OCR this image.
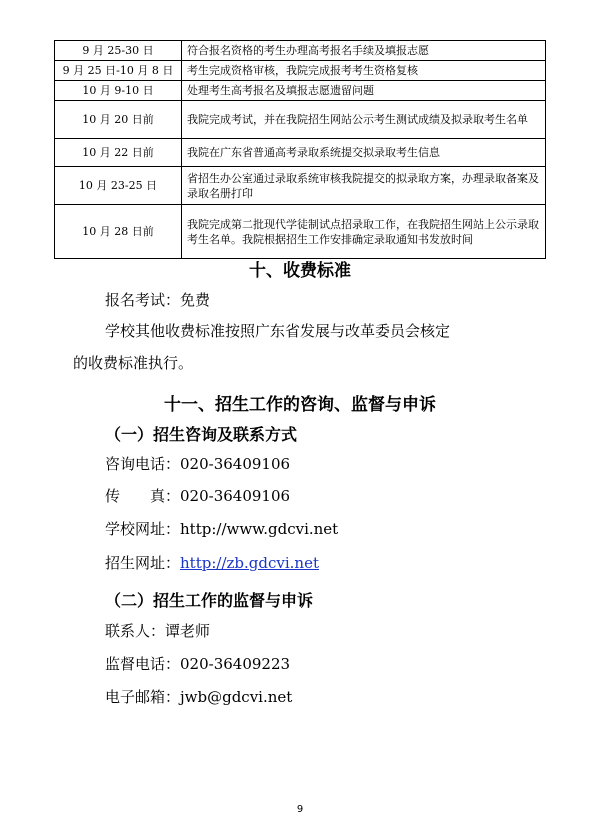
9 月 25-30 日	符合报名资格的考生办理高考报名手续及填报志愿
9 月 25 日-10 月 8 日	考生完成资格审核，我院完成报考考生资格复核
10 月 9-10 日	处理考生高考报名及填报志愿遗留问题
10 月 20 日前	我院完成考试，并在我院招生网站公示考生测试成绩及拟录取考生名单
10 月 22 日前	我院在广东省普通高考录取系统提交拟录取考生信息
10 月 23-25 日	省招生办公室通过录取系统审核我院提交的拟录取方案，办理录取备案及录取名册打印
10 月 28 日前	我院完成第二批现代学徒制试点招录取工作，在我院招生网站上公示录取考生名单。我院根据招生工作安排确定录取通知书发放时间
十、收费标准
报名考试：免费
学校其他收费标准按照广东省发展与改革委员会核定
的收费标准执行。
十一、招生工作的咨询、监督与申诉
（一）招生咨询及联系方式
咨询电话：020-36409106
传　　真：020-36409106
学校网址：http://www.gdcvi.net
招生网址：http://zb.gdcvi.net
（二）招生工作的监督与申诉
联系人：谭老师
监督电话：020-36409223
电子邮箱：jwb@gdcvi.net
9
